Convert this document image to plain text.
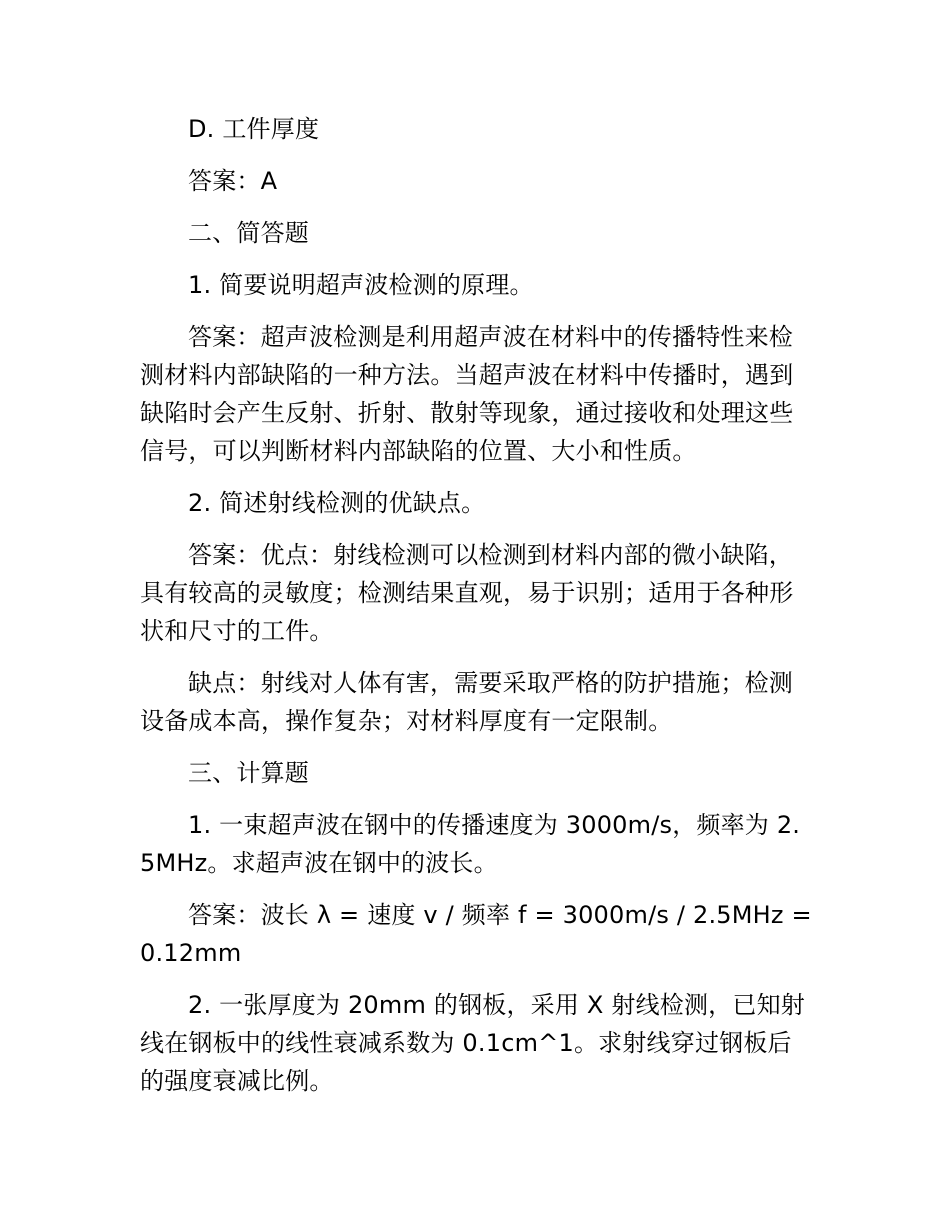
D. 工件厚度

答案：A

二、简答题

1. 简要说明超声波检测的原理。

答案：超声波检测是利用超声波在材料中的传播特性来检测材料内部缺陷的一种方法。当超声波在材料中传播时，遇到缺陷时会产生反射、折射、散射等现象，通过接收和处理这些信号，可以判断材料内部缺陷的位置、大小和性质。

2. 简述射线检测的优缺点。

答案：优点：射线检测可以检测到材料内部的微小缺陷，具有较高的灵敏度；检测结果直观，易于识别；适用于各种形状和尺寸的工件。

缺点：射线对人体有害，需要采取严格的防护措施；检测设备成本高，操作复杂；对材料厚度有一定限制。

三、计算题

1. 一束超声波在钢中的传播速度为 3000m/s，频率为 2.5MHz。求超声波在钢中的波长。

答案：波长 λ = 速度 v / 频率 f = 3000m/s / 2.5MHz = 0.12mm

2. 一张厚度为 20mm 的钢板，采用 X 射线检测，已知射线在钢板中的线性衰减系数为 0.1cm^1。求射线穿过钢板后的强度衰减比例。
